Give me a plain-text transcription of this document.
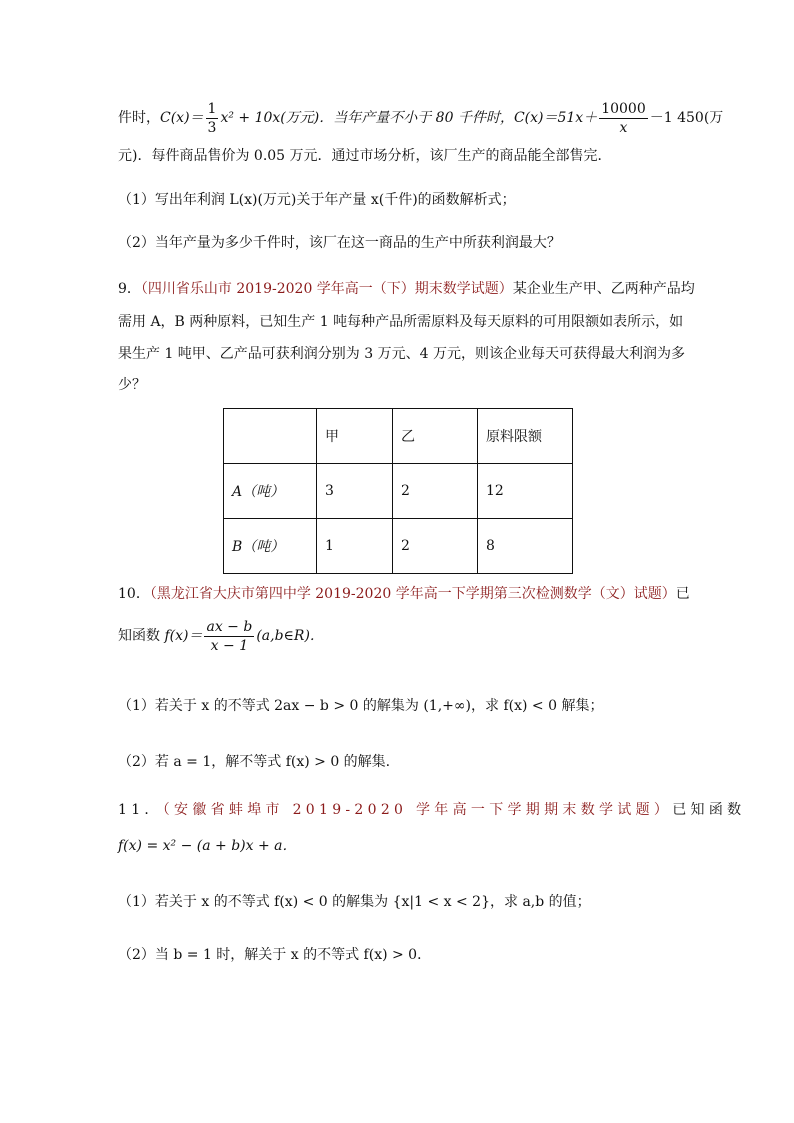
件时，$C(x)= \frac{1}{3} x^2 + 10x$(万元)．当年产量不小于 80 千件时，$C(x)=51x+ \frac{10000}{x} -1$ 450(万
元)．每件商品售价为 0.05 万元．通过市场分析，该厂生产的商品能全部售完．
（1）写出年利润 L(x)(万元)关于年产量 x(千件)的函数解析式；
（2）当年产量为多少千件时，该厂在这一商品的生产中所获利润最大？
9．（四川省乐山市 2019-2020 学年高一（下）期末数学试题）某企业生产甲、乙两种产品均
需用 A，B 两种原料，已知生产 1 吨每种产品所需原料及每天原料的可用限额如表所示，如
果生产 1 吨甲、乙产品可获利润分别为 3 万元、4 万元，则该企业每天可获得最大利润为多
少？
	甲	乙	原料限额
A（吨）	3	2	12
B（吨）	1	2	8
10．（黑龙江省大庆市第四中学 2019-2020 学年高一下学期第三次检测数学（文）试题）已
知函数 $f(x)= \frac{ax - b}{x - 1}$ (a,b∈R)．
（1）若关于 x 的不等式 2ax − b > 0 的解集为 (1,+∞)，求 f(x) < 0 解集；
（2）若 a = 1，解不等式 f(x) > 0 的解集.
11．（安徽省蚌埠市 2019-2020 学年高一下学期期末数学试题）已知函数
f(x) = x² − (a + b)x + a．
（1）若关于 x 的不等式 f(x) < 0 的解集为 {x|1 < x < 2}，求 a,b 的值；
（2）当 b = 1 时，解关于 x 的不等式 f(x) > 0．
